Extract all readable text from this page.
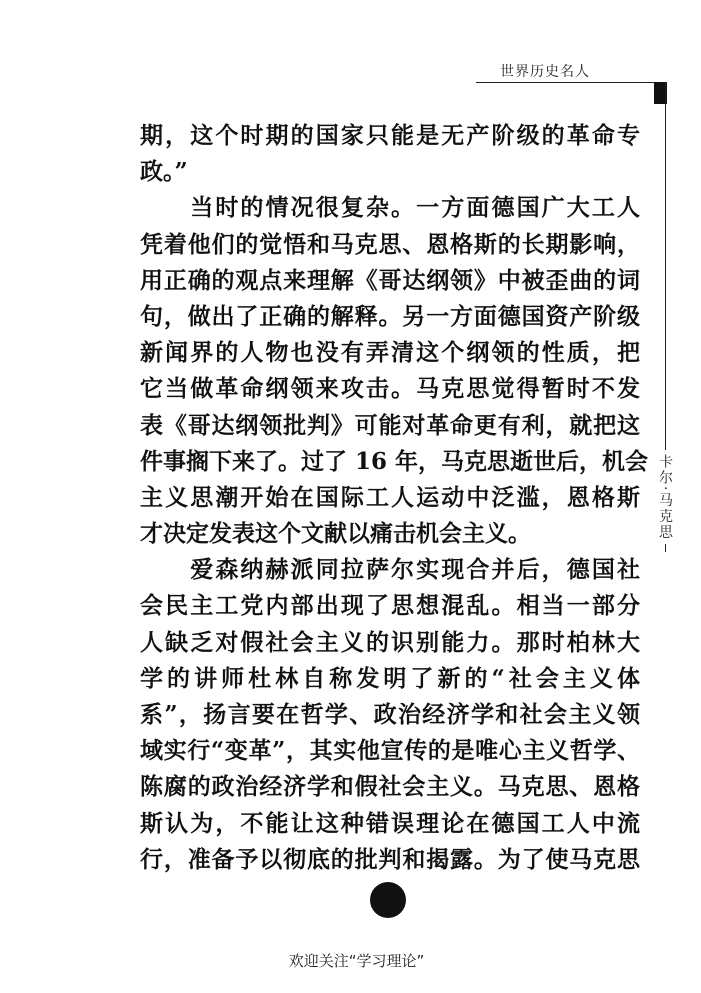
世界历史名人
卡尔·马克思
期，这个时期的国家只能是无产阶级的革命专
政。”
　　当时的情况很复杂。一方面德国广大工人
凭着他们的觉悟和马克思、恩格斯的长期影响，
用正确的观点来理解《哥达纲领》中被歪曲的词
句，做出了正确的解释。另一方面德国资产阶级
新闻界的人物也没有弄清这个纲领的性质，把
它当做革命纲领来攻击。马克思觉得暂时不发
表《哥达纲领批判》可能对革命更有利，就把这
件事搁下来了。过了 16 年，马克思逝世后，机会
主义思潮开始在国际工人运动中泛滥，恩格斯
才决定发表这个文献以痛击机会主义。
　　爱森纳赫派同拉萨尔实现合并后，德国社
会民主工党内部出现了思想混乱。相当一部分
人缺乏对假社会主义的识别能力。那时柏林大
学的讲师杜林自称发明了新的“社会主义体
系”，扬言要在哲学、政治经济学和社会主义领
域实行“变革”，其实他宣传的是唯心主义哲学、
陈腐的政治经济学和假社会主义。马克思、恩格
斯认为，不能让这种错误理论在德国工人中流
行，准备予以彻底的批判和揭露。为了使马克思
欢迎关注“学习理论”
